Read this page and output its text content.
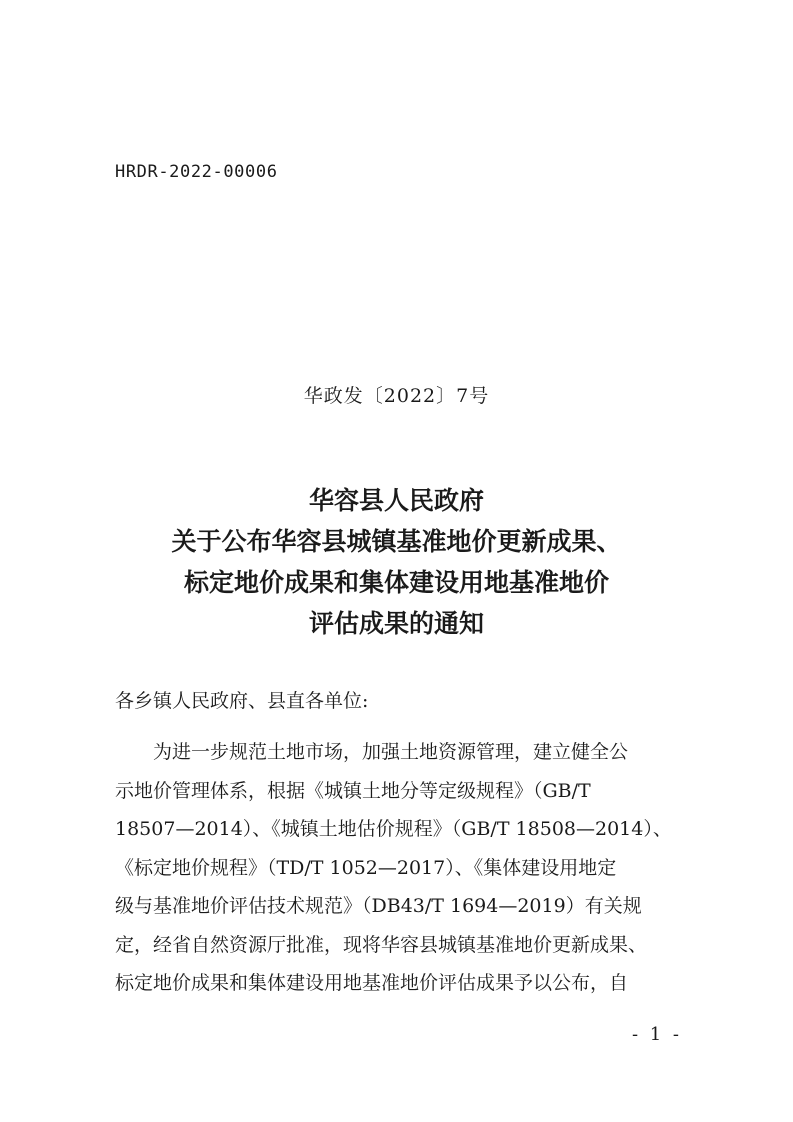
HRDR-2022-00006
华政发〔2022〕7号
华容县人民政府
关于公布华容县城镇基准地价更新成果、
标定地价成果和集体建设用地基准地价
评估成果的通知
各乡镇人民政府、县直各单位:
为进一步规范土地市场，加强土地资源管理，建立健全公
示地价管理体系，根据《城镇土地分等定级规程》（GB/T
18507—2014）、《城镇土地估价规程》（GB/T 18508—2014）、
《标定地价规程》（TD/T 1052—2017）、《集体建设用地定
级与基准地价评估技术规范》（DB43/T 1694—2019）有关规
定，经省自然资源厅批准，现将华容县城镇基准地价更新成果、
标定地价成果和集体建设用地基准地价评估成果予以公布，自
- 1 -
